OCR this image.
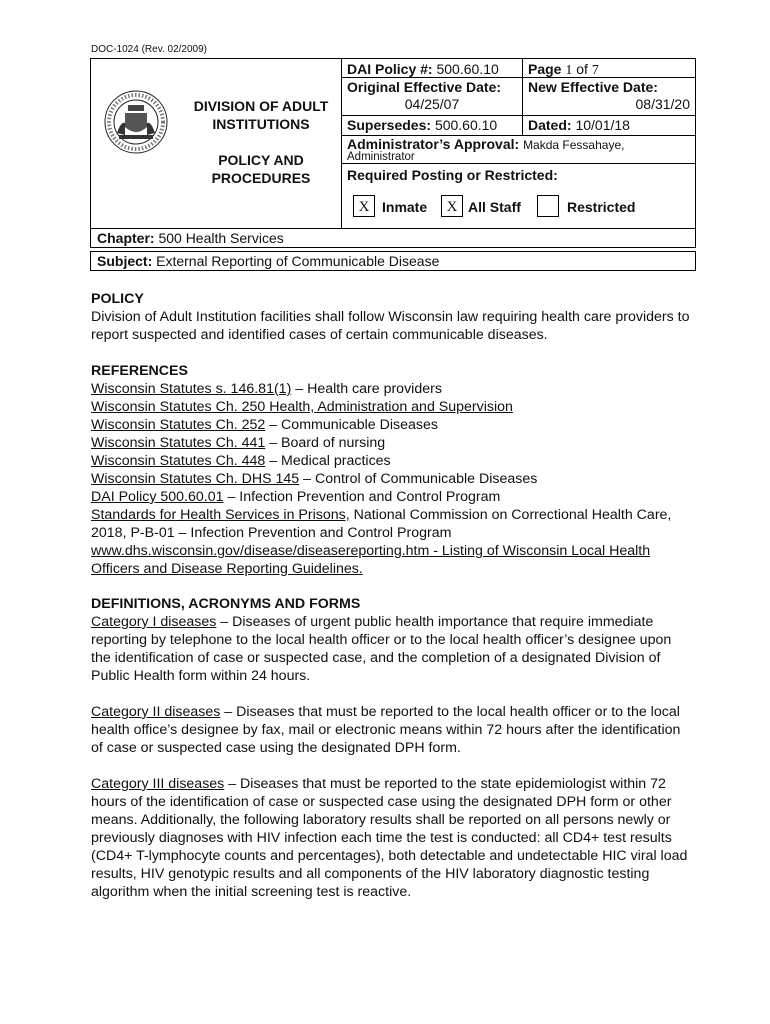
DOC-1024 (Rev. 02/2009)
DIVISION OF ADULT INSTITUTIONS
POLICY AND PROCEDURES
DAI Policy #: 500.60.10 Page 1 of 7
Original Effective Date:
04/25/07
New Effective Date:
08/31/20
Supersedes: 500.60.10 Dated: 10/01/18
Administrator’s Approval: Makda Fessahaye,
Administrator
Required Posting or Restricted:
X Inmate	X All Staff	Restricted
Chapter: 500 Health Services
Subject: External Reporting of Communicable Disease

POLICY

Division of Adult Institution facilities shall follow Wisconsin law requiring health care providers to report suspected and identified cases of certain communicable diseases.

REFERENCES

Wisconsin Statutes s. 146.81(1) – Health care providers

Wisconsin Statutes Ch. 250 Health, Administration and Supervision

Wisconsin Statutes Ch. 252 – Communicable Diseases

Wisconsin Statutes Ch. 441 – Board of nursing

Wisconsin Statutes Ch. 448 – Medical practices

Wisconsin Statutes Ch. DHS 145 – Control of Communicable Diseases

DAI Policy 500.60.01 – Infection Prevention and Control Program

Standards for Health Services in Prisons, National Commission on Correctional Health Care, 2018, P-B-01 – Infection Prevention and Control Program

www.dhs.wisconsin.gov/disease/diseasereporting.htm - Listing of Wisconsin Local Health Officers and Disease Reporting Guidelines.

DEFINITIONS, ACRONYMS AND FORMS

Category I diseases – Diseases of urgent public health importance that require immediate reporting by telephone to the local health officer or to the local health officer’s designee upon the identification of case or suspected case, and the completion of a designated Division of Public Health form within 24 hours.

Category II diseases – Diseases that must be reported to the local health officer or to the local health office’s designee by fax, mail or electronic means within 72 hours after the identification of case or suspected case using the designated DPH form.

Category III diseases – Diseases that must be reported to the state epidemiologist within 72 hours of the identification of case or suspected case using the designated DPH form or other means. Additionally, the following laboratory results shall be reported on all persons newly or previously diagnoses with HIV infection each time the test is conducted: all CD4+ test results (CD4+ T-lymphocyte counts and percentages), both detectable and undetectable HIC viral load results, HIV genotypic results and all components of the HIV laboratory diagnostic testing algorithm when the initial screening test is reactive.
